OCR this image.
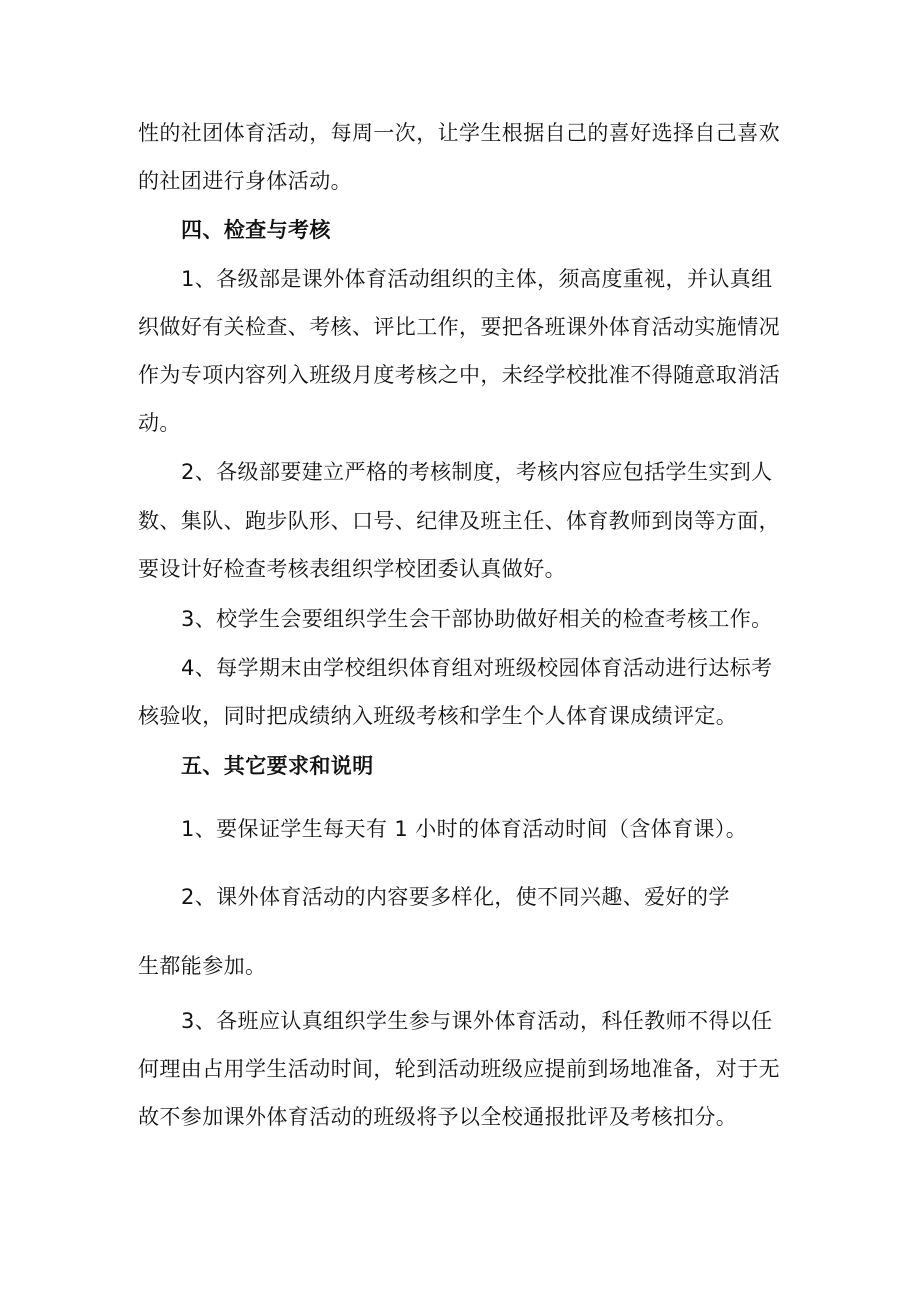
性的社团体育活动，每周一次，让学生根据自己的喜好选择自己喜欢
的社团进行身体活动。
四、检查与考核
1、各级部是课外体育活动组织的主体，须高度重视，并认真组
织做好有关检查、考核、评比工作，要把各班课外体育活动实施情况
作为专项内容列入班级月度考核之中，未经学校批准不得随意取消活
动。
2、各级部要建立严格的考核制度，考核内容应包括学生实到人
数、集队、跑步队形、口号、纪律及班主任、体育教师到岗等方面，
要设计好检查考核表组织学校团委认真做好。
3、校学生会要组织学生会干部协助做好相关的检查考核工作。
4、每学期末由学校组织体育组对班级校园体育活动进行达标考
核验收，同时把成绩纳入班级考核和学生个人体育课成绩评定。
五、其它要求和说明
1、要保证学生每天有 1 小时的体育活动时间（含体育课）。
2、课外体育活动的内容要多样化，使不同兴趣、爱好的学
生都能参加。
3、各班应认真组织学生参与课外体育活动，科任教师不得以任
何理由占用学生活动时间，轮到活动班级应提前到场地准备，对于无
故不参加课外体育活动的班级将予以全校通报批评及考核扣分。
